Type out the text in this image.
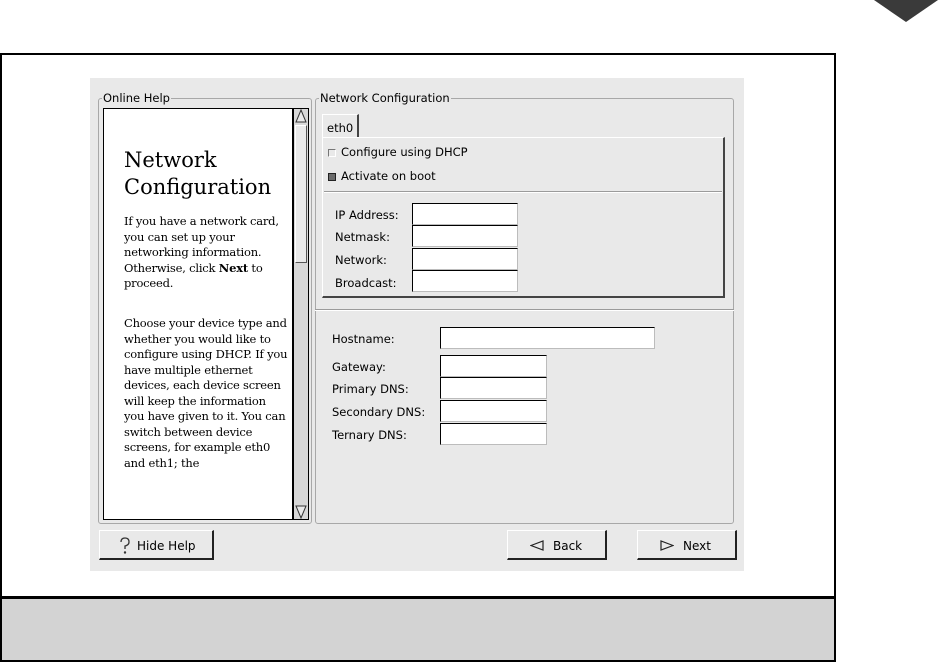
Online Help
Network Configuration

If you have a network card, you can set up your networking information. Otherwise, click Next to proceed.

Choose your device type and whether you would like to configure using DHCP. If you have multiple ethernet devices, each device screen will keep the information you have given to it. You can switch between device screens, for example eth0 and eth1; the

Network Configuration
eth0
Configure using DHCP
Activate on boot
IP Address:
Netmask:
Network:
Broadcast:
Hostname:
Gateway:
Primary DNS:
Secondary DNS:
Ternary DNS:
Hide Help	Back	Next
